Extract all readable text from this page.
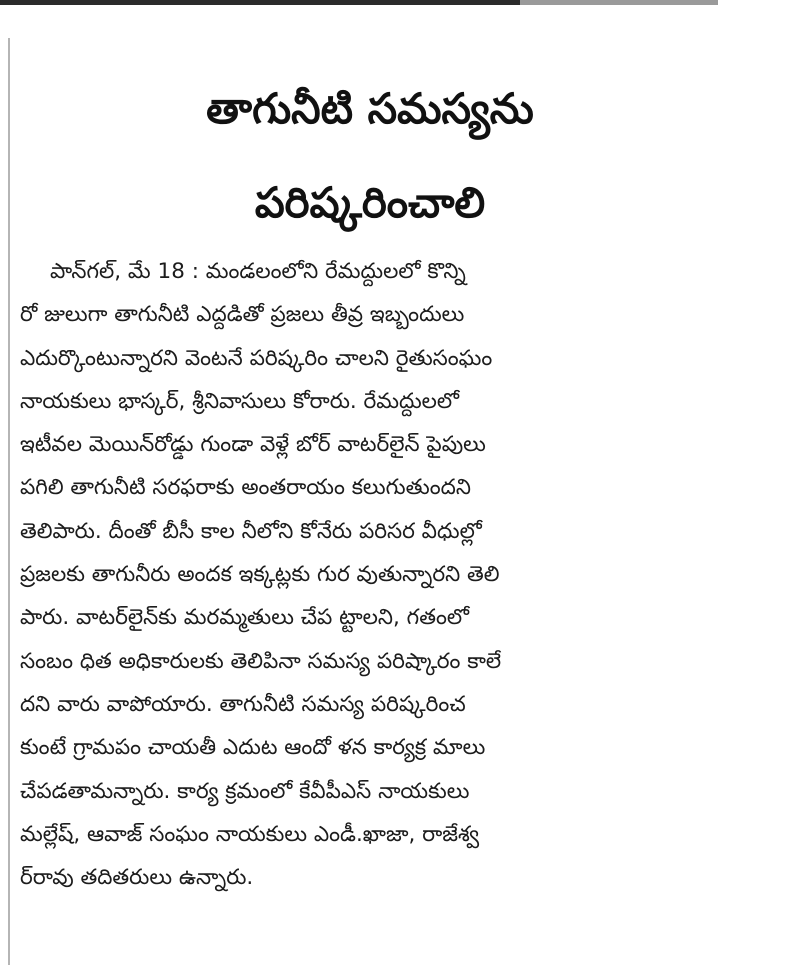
తాగునీటి సమస్యను
పరిష్కరించాలి
పాన్‌గల్, మే 18 : మండలంలోని రేమద్దులలో కొన్ని
రో జులుగా తాగునీటి ఎద్దడితో ప్రజలు తీవ్ర ఇబ్బందులు
ఎదుర్కొంటున్నారని వెంటనే పరిష్కరిం చాలని రైతుసంఘం
నాయకులు భాస్కర్, శ్రీనివాసులు కోరారు. రేమద్దులలో
ఇటీవల మెయిన్‌రోడ్డు గుండా వెళ్లే బోర్ వాటర్‌లైన్ పైపులు
పగిలి తాగునీటి సరఫరాకు అంతరాయం కలుగుతుందని
తెలిపారు. దీంతో బీసీ కాల నీలోని కోనేరు పరిసర వీధుల్లో
ప్రజలకు తాగునీరు అందక ఇక్కట్లకు గుర వుతున్నారని తెలి
పారు. వాటర్‌లైన్‌కు మరమ్మతులు చేప ట్టాలని, గతంలో
సంబం ధిత అధికారులకు తెలిపినా సమస్య పరిష్కారం కాలే
దని వారు వాపోయారు. తాగునీటి సమస్య పరిష్కరించ
కుంటే గ్రామపం చాయతీ ఎదుట ఆందో ళన కార్యక్ర మాలు
చేపడతామన్నారు. కార్య క్రమంలో కేవీపీఎస్ నాయకులు
మల్లేష్, ఆవాజ్ సంఘం నాయకులు ఎండీ.ఖాజా, రాజేశ్వ
ర్‌రావు తదితరులు ఉన్నారు.
